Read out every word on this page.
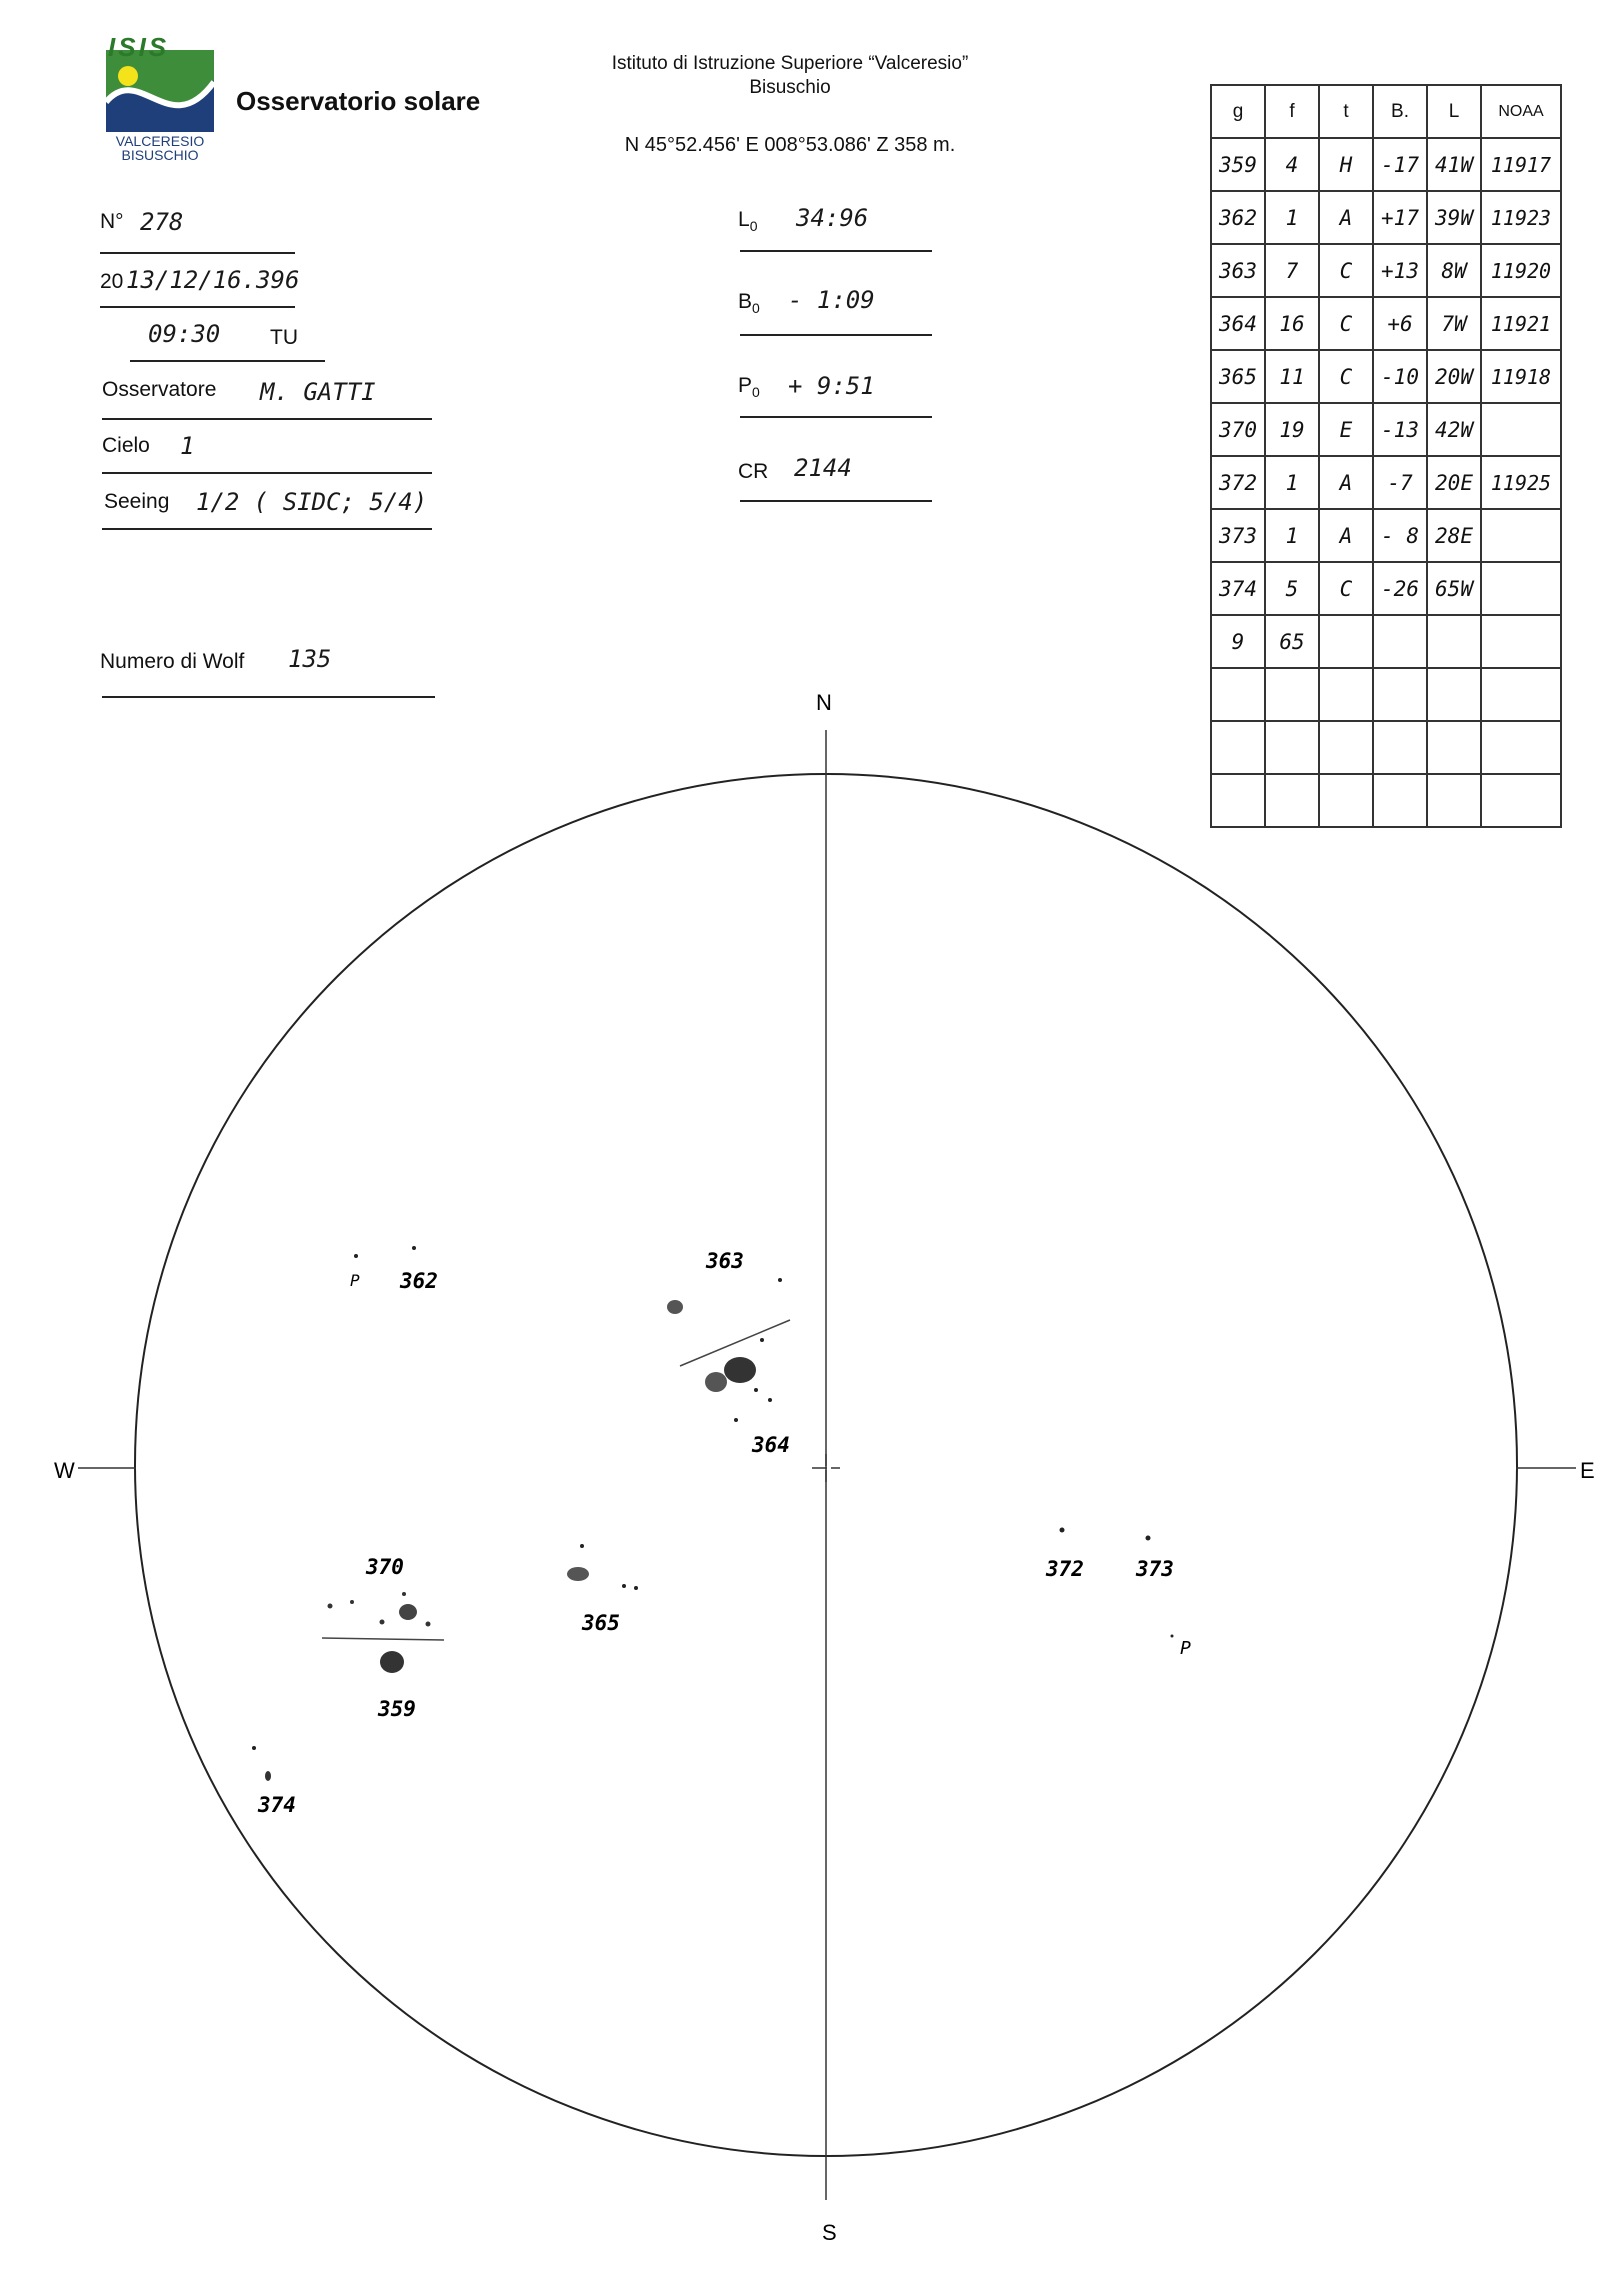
ISIS
VALCERESIO
BISUSCHIO
Osservatorio solare
Istituto di Istruzione Superiore “Valceresio”
Bisuschio
N 45°52.456' E 008°53.086' Z 358 m.
N° 278
20 13/12/16.396
09:30 TU
Osservatore M. GATTI
Cielo 1
Seeing 1/2 ( SIDC; 5/4)
Numero di Wolf 135
$L_0$ 34:96
$B_0$ - 1:09
$P_0$ + 9:51
CR 2144
g	f	t	B.	L	NOAA
359	4	H	-17	41W	11917
362	1	A	+17	39W	11923
363	7	C	+13	8W	11920
364	16	C	+6	7W	11921
365	11	C	-10	20W	11918
370	19	E	-13	42W	
372	1	A	-7	20E	11925
373	1	A	- 8	28E	
374	5	C	-26	65W	
9	65				

N
S
W	E
363
364
362
365
370
359
374
372 373
P
P
